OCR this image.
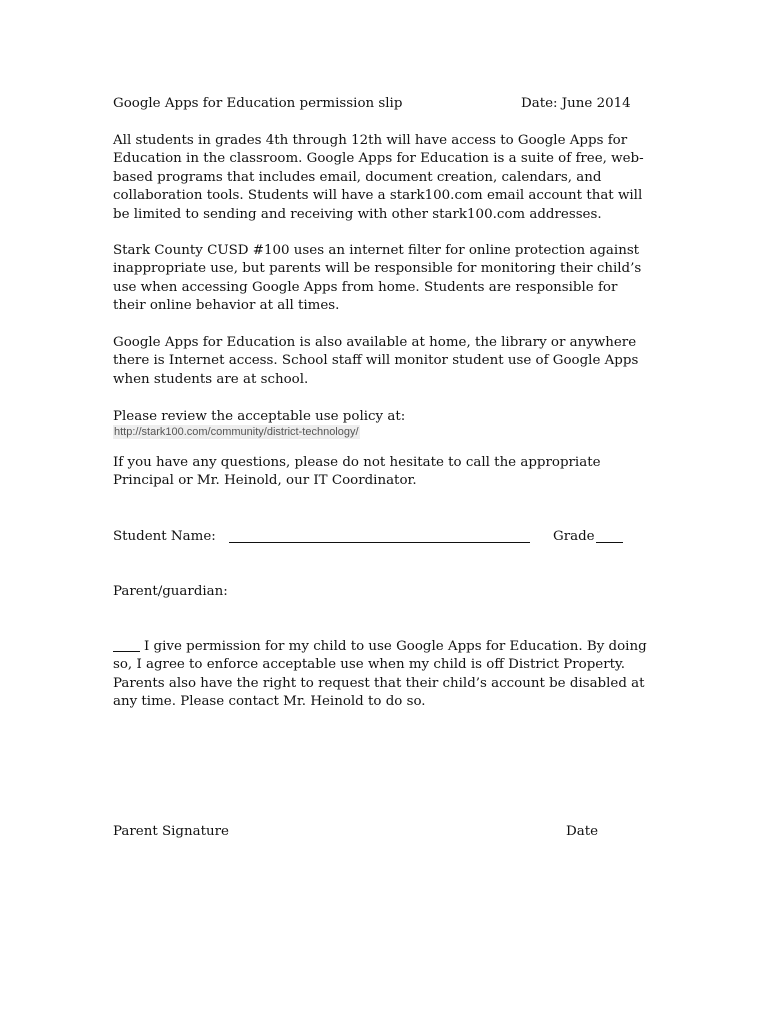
Google Apps for Education permission slip	Date: June 2014

All students in grades 4th through 12th will have access to Google Apps for Education in the classroom. Google Apps for Education is a suite of free, web-based programs that includes email, document creation, calendars, and collaboration tools. Students will have a stark100.com email account that will be limited to sending and receiving with other stark100.com addresses.

Stark County CUSD #100 uses an internet filter for online protection against inappropriate use, but parents will be responsible for monitoring their child’s use when accessing Google Apps from home. Students are responsible for their online behavior at all times.

Google Apps for Education is also available at home, the library or anywhere there is Internet access. School staff will monitor student use of Google Apps when students are at school.

Please review the acceptable use policy at:

http://stark100.com/community/district-technology/

If you have any questions, please do not hesitate to call the appropriate Principal or Mr. Heinold, our IT Coordinator.

Student Name:	Grade
Parent/guardian:

I give permission for my child to use Google Apps for Education. By doing so, I agree to enforce acceptable use when my child is off District Property. Parents also have the right to request that their child’s account be disabled at any time. Please contact Mr. Heinold to do so.

Parent Signature	Date
